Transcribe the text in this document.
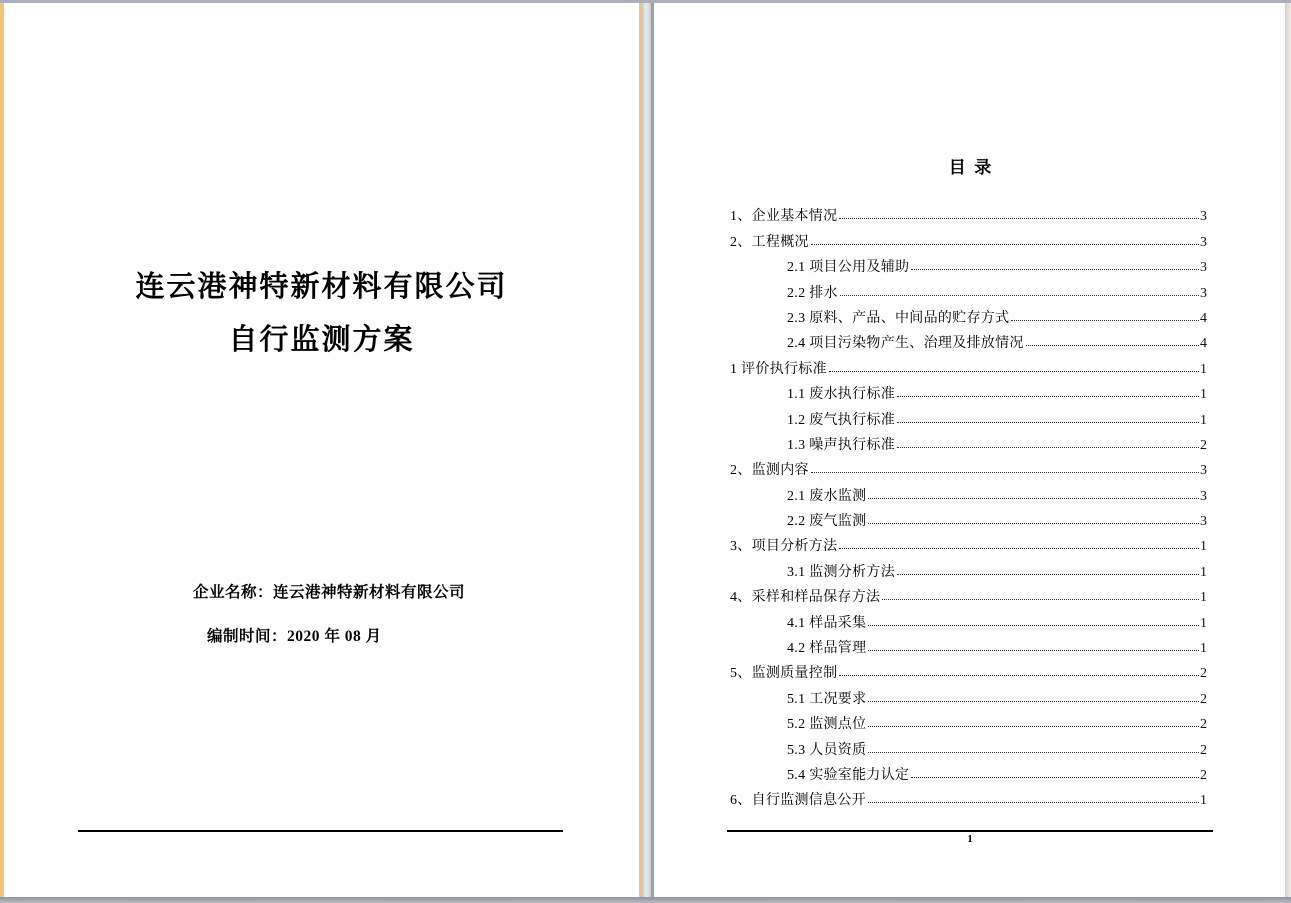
连云港神特新材料有限公司
自行监测方案
企业名称：连云港神特新材料有限公司
编制时间：2020 年 08 月
目  录
1、企业基本情况	3
2、工程概况	3
2.1 项目公用及辅助	3
2.2 排水	3
2.3 原料、产品、中间品的贮存方式	4
2.4 项目污染物产生、治理及排放情况	4
1 评价执行标准	1
1.1 废水执行标准	1
1.2 废气执行标准	1
1.3 噪声执行标准	2
2、监测内容	3
2.1 废水监测	3
2.2 废气监测	3
3、项目分析方法	1
3.1 监测分析方法	1
4、采样和样品保存方法	1
4.1 样品采集	1
4.2 样品管理	1
5、监测质量控制	2
5.1 工况要求	2
5.2 监测点位	2
5.3 人员资质	2
5.4 实验室能力认定	2
6、自行监测信息公开	1
1
